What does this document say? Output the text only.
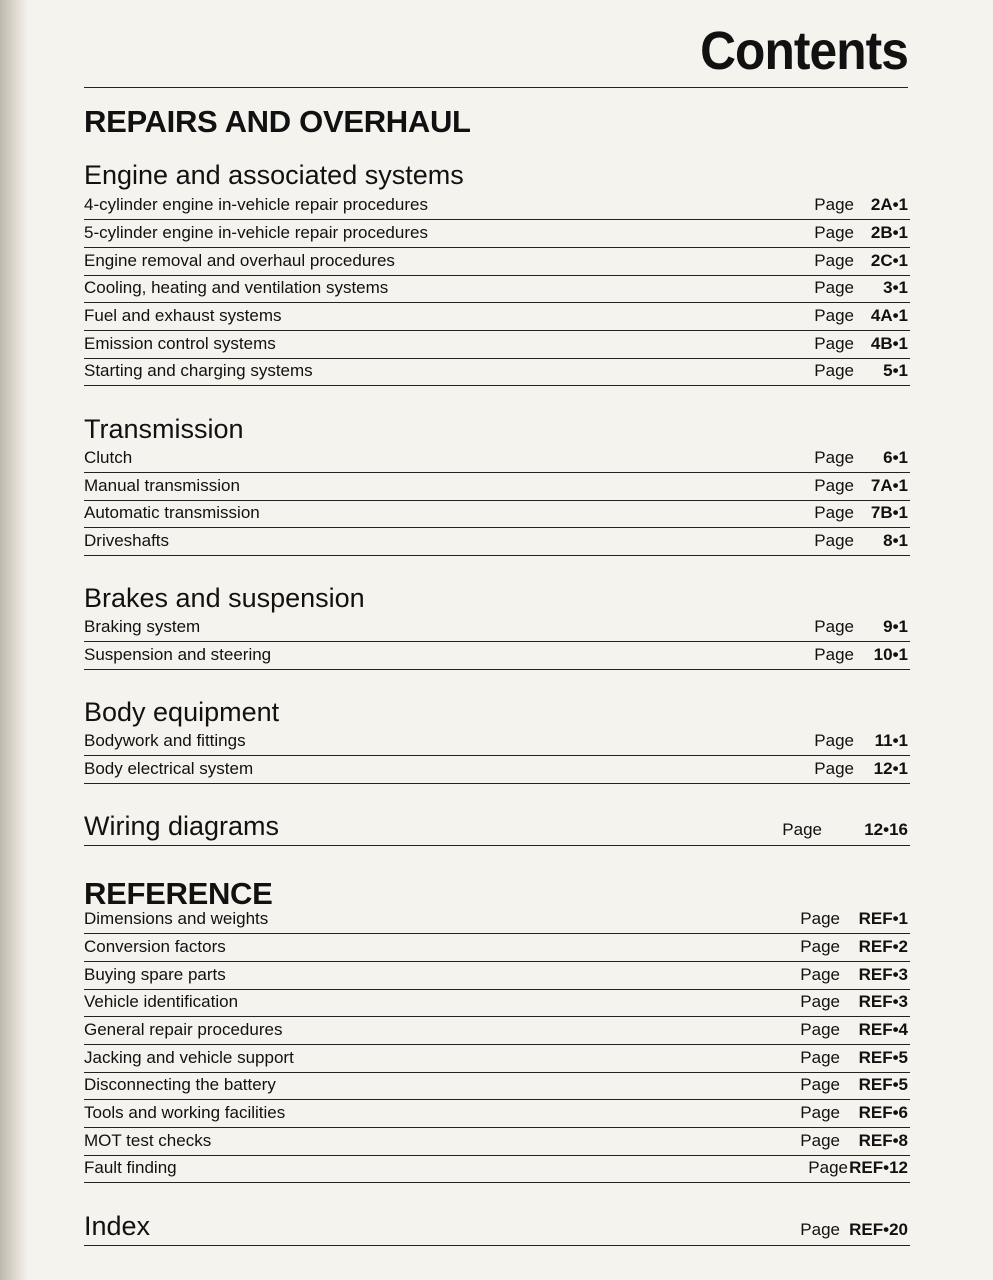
Contents
REPAIRS AND OVERHAUL
Engine and associated systems
4-cylinder engine in-vehicle repair procedures	Page 2A•1
5-cylinder engine in-vehicle repair procedures	Page 2B•1
Engine removal and overhaul procedures	Page 2C•1
Cooling, heating and ventilation systems	Page 3•1
Fuel and exhaust systems	Page 4A•1
Emission control systems	Page 4B•1
Starting and charging systems	Page 5•1
Transmission
Clutch	Page 6•1
Manual transmission	Page 7A•1
Automatic transmission	Page 7B•1
Driveshafts	Page 8•1
Brakes and suspension
Braking system	Page 9•1
Suspension and steering	Page 10•1
Body equipment
Bodywork and fittings	Page 11•1
Body electrical system	Page 12•1
Wiring diagrams	Page 12•16
REFERENCE
Dimensions and weights	Page REF•1
Conversion factors	Page REF•2
Buying spare parts	Page REF•3
Vehicle identification	Page REF•3
General repair procedures	Page REF•4
Jacking and vehicle support	Page REF•5
Disconnecting the battery	Page REF•5
Tools and working facilities	Page REF•6
MOT test checks	Page REF•8
Fault finding	Page REF•12
Index	Page REF•20
